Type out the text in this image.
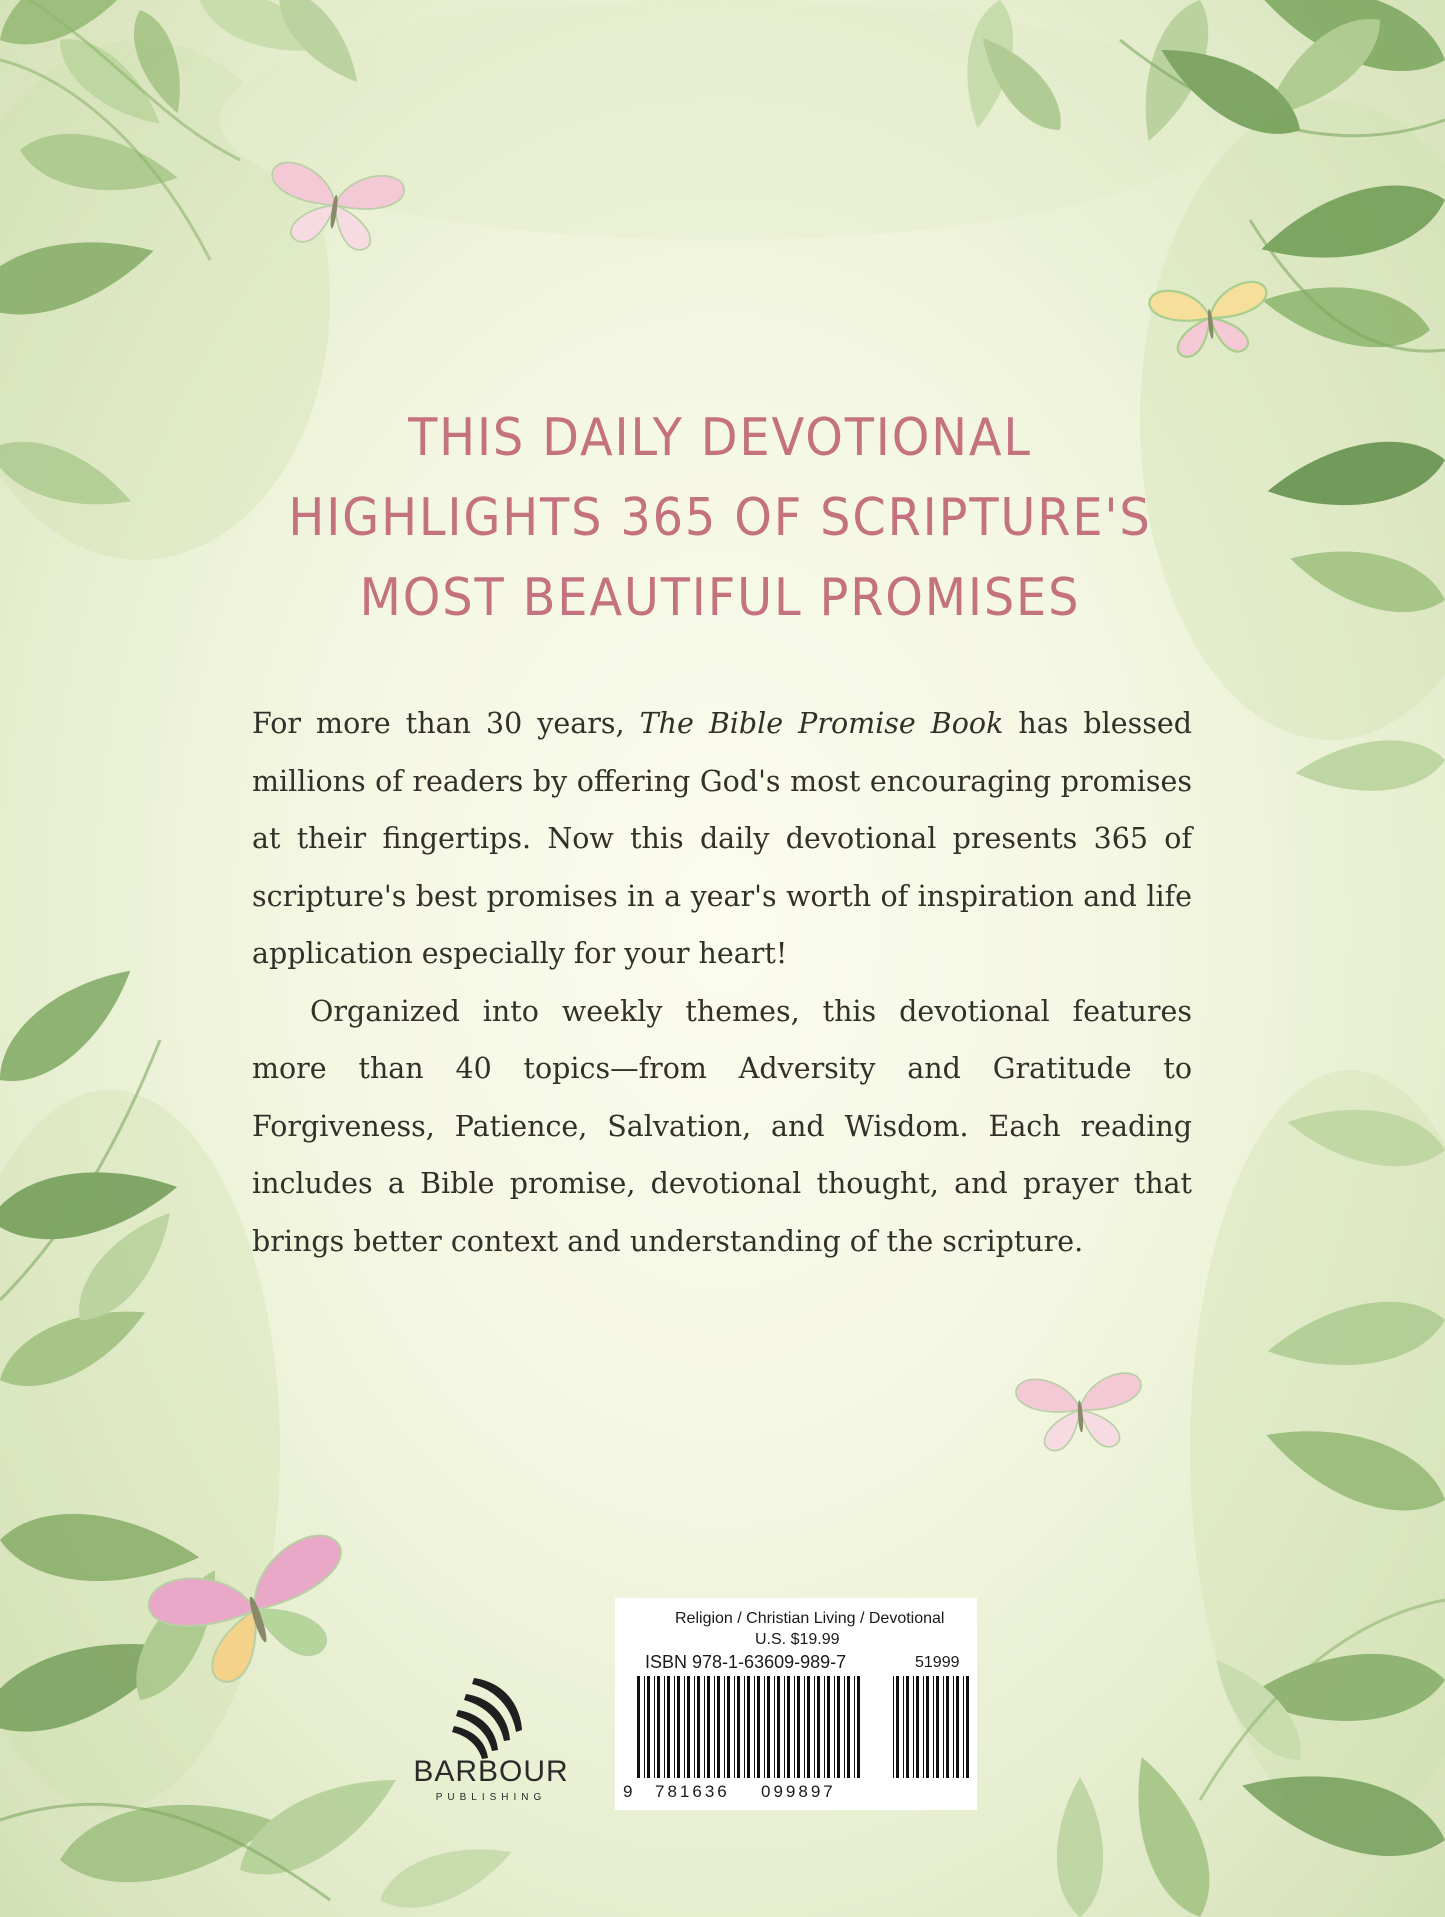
THIS DAILY DEVOTIONAL
HIGHLIGHTS 365 OF SCRIPTURE'S
MOST BEAUTIFUL PROMISES

For more than 30 years, The Bible Promise Book has blessed millions of readers by offering God's most encouraging promises at their fingertips. Now this daily devotional presents 365 of scripture's best promises in a year's worth of inspiration and life application especially for your heart!

Organized into weekly themes, this devotional features more than 40 topics—from Adversity and Gratitude to Forgiveness, Patience, Salvation, and Wisdom. Each reading includes a Bible promise, devotional thought, and prayer that brings better context and understanding of the scripture.

BARBOUR
PUBLISHING
Religion / Christian Living / Devotional
U.S. $19.99
ISBN 978-1-63609-989-7	51999
9 781636 099897
